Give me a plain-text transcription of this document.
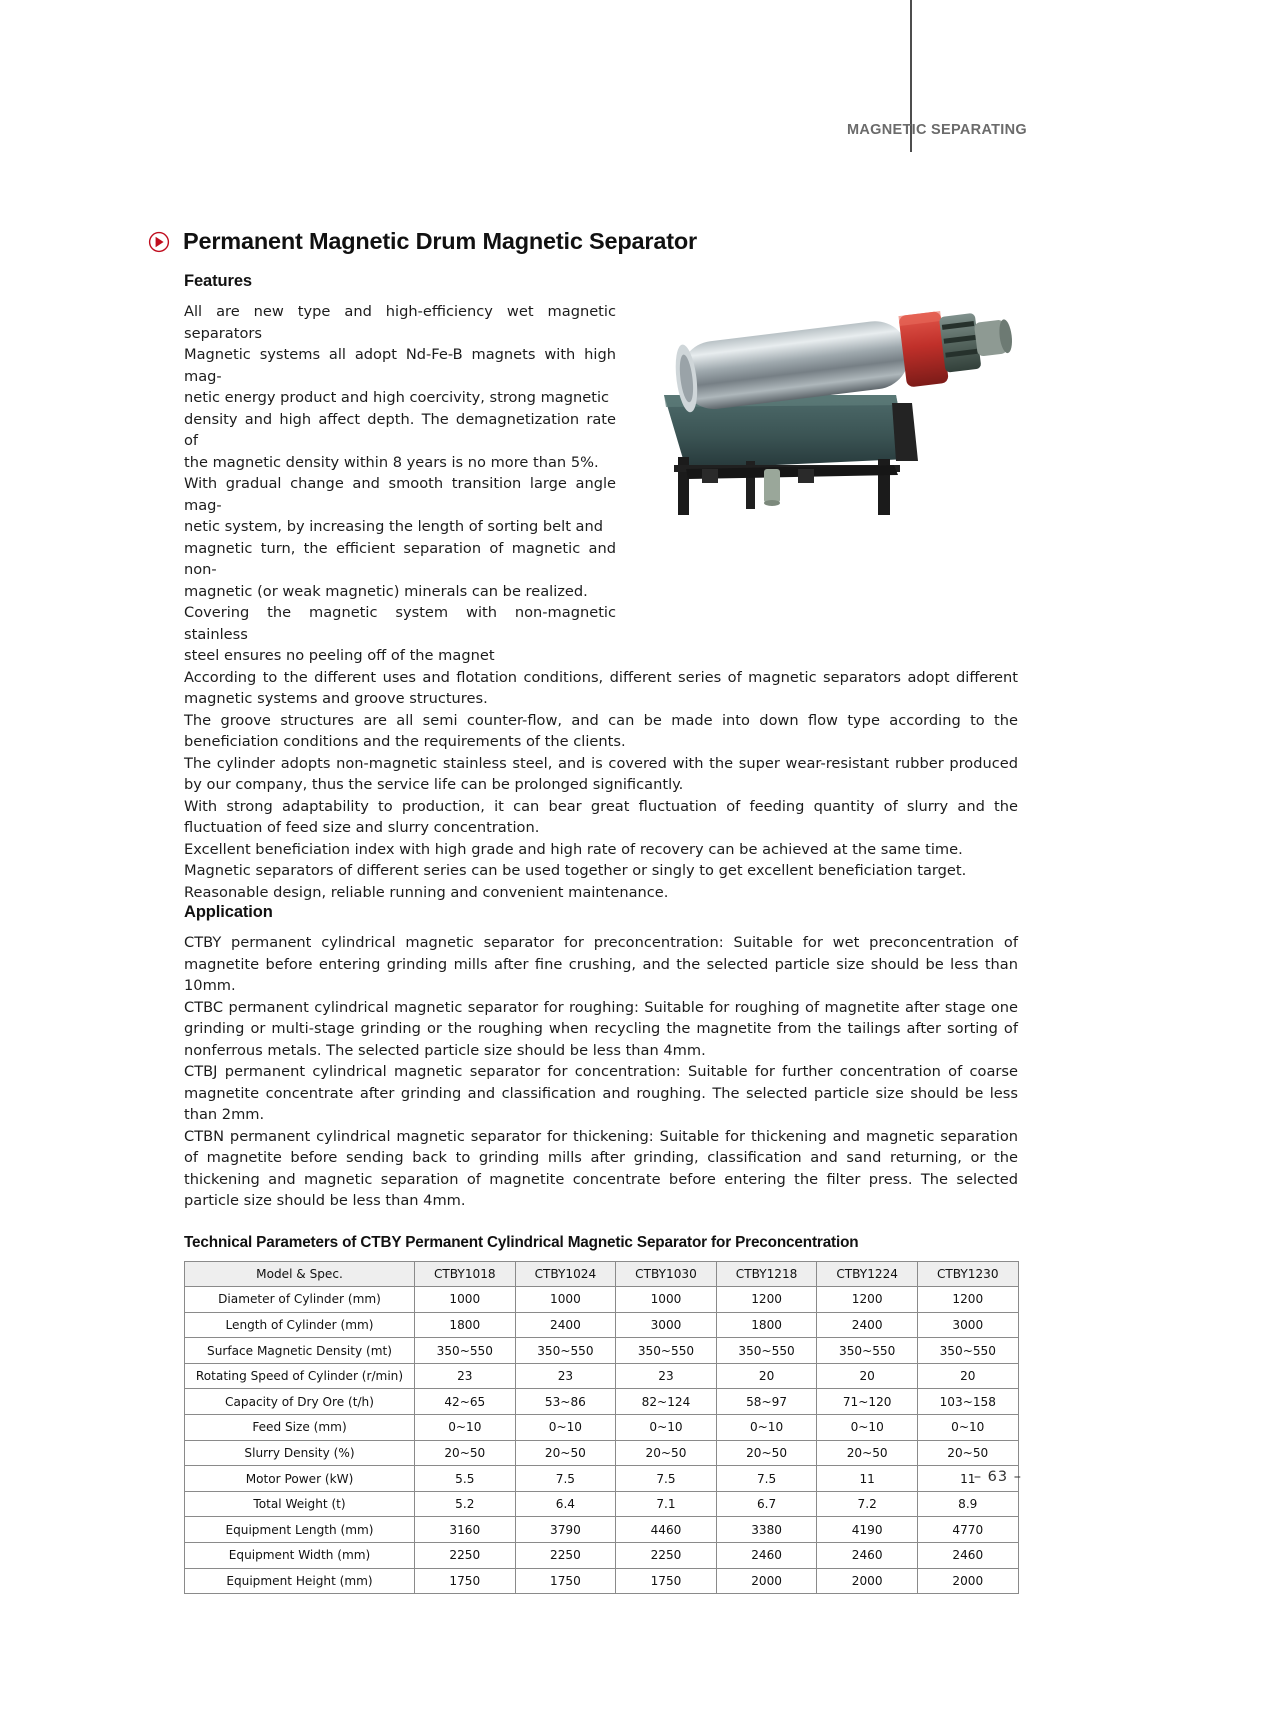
MAGNETIC SEPARATING
Permanent Magnetic Drum Magnetic Separator
Features

All are new type and high-efficiency wet magnetic separators

Magnetic systems all adopt Nd-Fe-B magnets with high mag-

netic energy product and high coercivity, strong magnetic

density and high affect depth. The demagnetization rate of

the magnetic density within 8 years is no more than 5%.

With gradual change and smooth transition large angle mag-

netic system, by increasing the length of sorting belt and

magnetic turn, the efficient separation of magnetic and non-

magnetic (or weak magnetic) minerals can be realized.

Covering the magnetic system with non-magnetic stainless

steel ensures no peeling off of the magnet

According to the different uses and flotation conditions, different series of magnetic separators adopt different magnetic systems and groove structures.

The groove structures are all semi counter-flow, and can be made into down flow type according to the beneficiation conditions and the requirements of the clients.

The cylinder adopts non-magnetic stainless steel, and is covered with the super wear-resistant rubber produced by our company, thus the service life can be prolonged significantly.

With strong adaptability to production, it can bear great fluctuation of feeding quantity of slurry and the fluctuation of feed size and slurry concentration.

Excellent beneficiation index with high grade and high rate of recovery can be achieved at the same time.

Magnetic separators of different series can be used together or singly to get excellent beneficiation target.

Reasonable design, reliable running and convenient maintenance.

Application

CTBY permanent cylindrical magnetic separator for preconcentration: Suitable for wet preconcentration of magnetite before entering grinding mills after fine crushing, and the selected particle size should be less than 10mm.

CTBC permanent cylindrical magnetic separator for roughing: Suitable for roughing of magnetite after stage one grinding or multi-stage grinding or the roughing when recycling the magnetite from the tailings after sorting of nonferrous metals. The selected particle size should be less than 4mm.

CTBJ permanent cylindrical magnetic separator for concentration: Suitable for further concentration of coarse magnetite concentrate after grinding and classification and roughing. The selected particle size should be less than 2mm.

CTBN permanent cylindrical magnetic separator for thickening: Suitable for thickening and magnetic separation of magnetite before sending back to grinding mills after grinding, classification and sand returning, or the thickening and magnetic separation of magnetite concentrate before entering the filter press. The selected particle size should be less than 4mm.

Technical Parameters of CTBY Permanent Cylindrical Magnetic Separator for Preconcentration
Model & Spec.	CTBY1018	CTBY1024	CTBY1030	CTBY1218	CTBY1224	CTBY1230
Diameter of Cylinder (mm)	1000	1000	1000	1200	1200	1200
Length of Cylinder (mm)	1800	2400	3000	1800	2400	3000
Surface Magnetic Density (mt)	350~550	350~550	350~550	350~550	350~550	350~550
Rotating Speed of Cylinder (r/min)	23	23	23	20	20	20
Capacity of Dry Ore (t/h)	42~65	53~86	82~124	58~97	71~120	103~158
Feed Size (mm)	0~10	0~10	0~10	0~10	0~10	0~10
Slurry Density (%)	20~50	20~50	20~50	20~50	20~50	20~50
Motor Power (kW)	5.5	7.5	7.5	7.5	11	11
Total Weight (t)	5.2	6.4	7.1	6.7	7.2	8.9
Equipment Length (mm)	3160	3790	4460	3380	4190	4770
Equipment Width (mm)	2250	2250	2250	2460	2460	2460
Equipment Height (mm)	1750	1750	1750	2000	2000	2000
– 63 –
